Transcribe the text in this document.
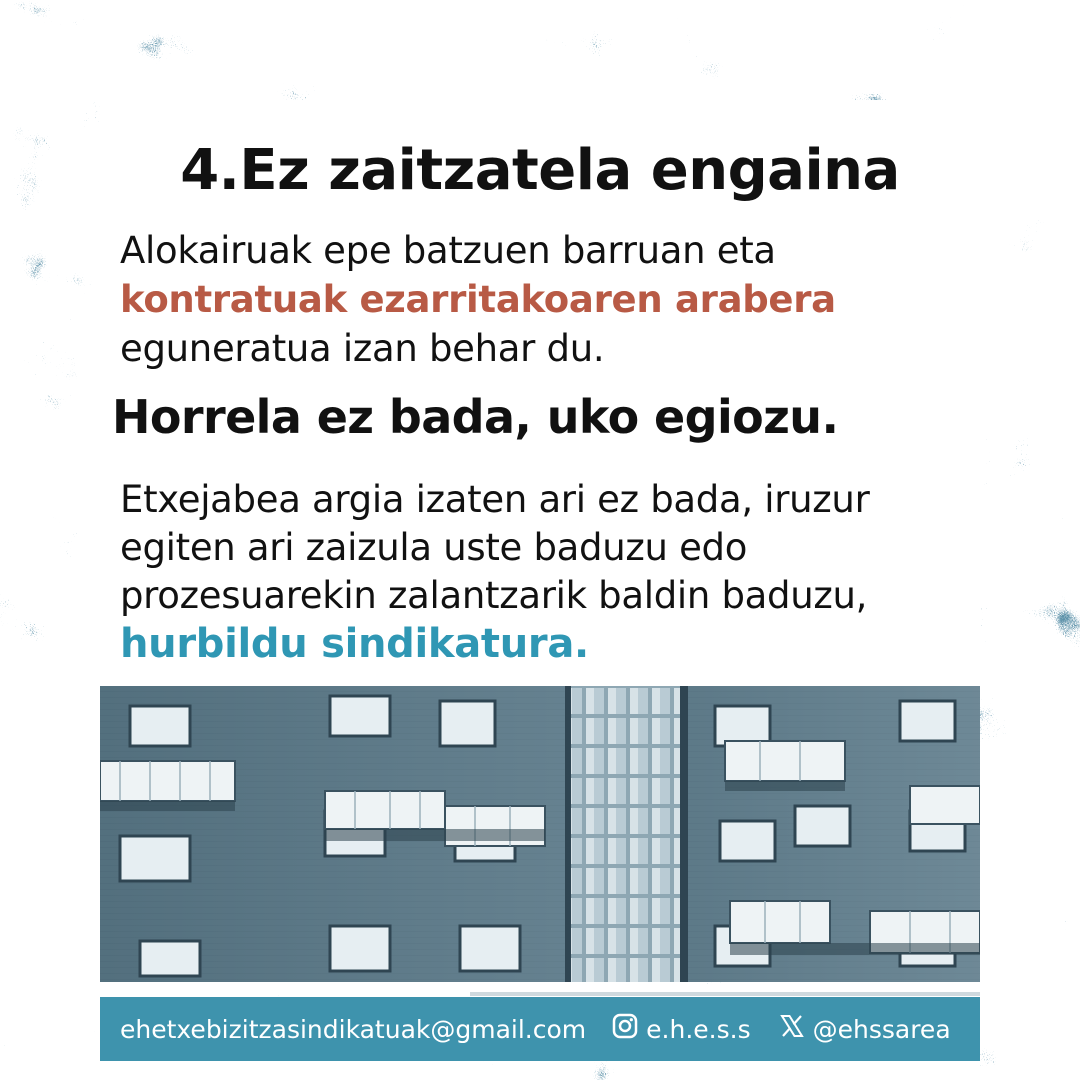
4.Ez zaitzatela engaina
Alokairuak epe batzuen barruan eta kontratuak ezarritakoaren arabera eguneratua izan behar du.
Horrela ez bada, uko egiozu.
Etxejabea argia izaten ari ez bada, iruzur egiten ari zaizula uste baduzu edo prozesuarekin zalantzarik baldin baduzu, hurbildu sindikatura.
ehetxebizitzasindikatuak@gmail.com e.h.e.s.s @ehssarea
